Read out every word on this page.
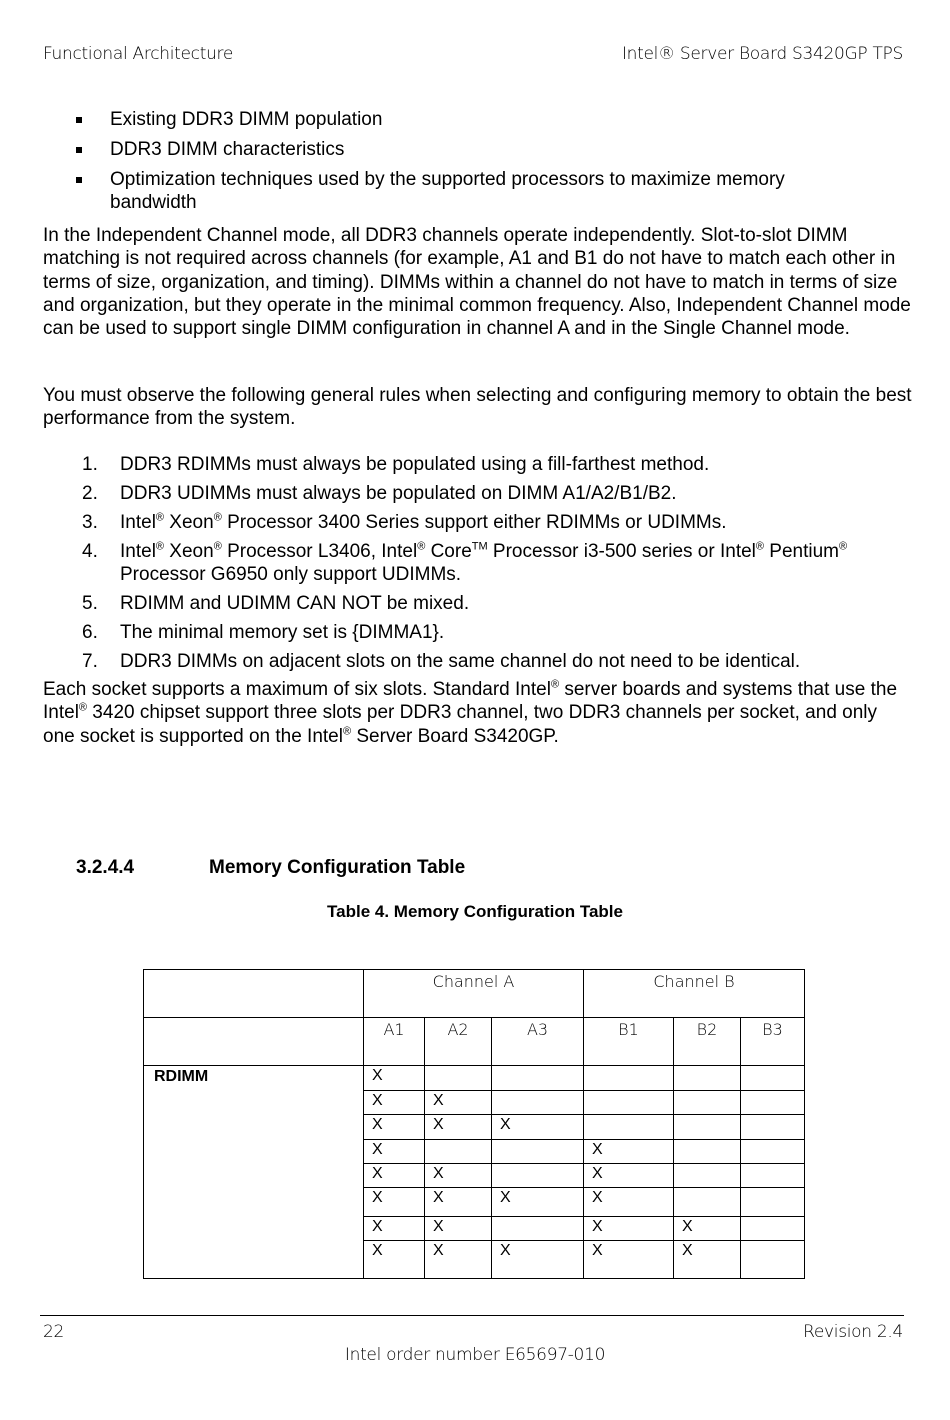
Functional Architecture	Intel® Server Board S3420GP TPS
Existing DDR3 DIMM population
DDR3 DIMM characteristics
Optimization techniques used by the supported processors to maximize memory bandwidth
In the Independent Channel mode, all DDR3 channels operate independently. Slot-to-slot DIMM matching is not required across channels (for example, A1 and B1 do not have to match each other in terms of size, organization, and timing). DIMMs within a channel do not have to match in terms of size and organization, but they operate in the minimal common frequency. Also, Independent Channel mode can be used to support single DIMM configuration in channel A and in the Single Channel mode.
You must observe the following general rules when selecting and configuring memory to obtain the best performance from the system.
1. DDR3 RDIMMs must always be populated using a fill-farthest method.
2. DDR3 UDIMMs must always be populated on DIMM A1/A2/B1/B2.
3. Intel® Xeon® Processor 3400 Series support either RDIMMs or UDIMMs.
4. Intel® Xeon® Processor L3406, Intel® Core™ Processor i3-500 series or Intel® Pentium®
Processor G6950 only support UDIMMs.
5. RDIMM and UDIMM CAN NOT be mixed.
6. The minimal memory set is {DIMMA1}.
7. DDR3 DIMMs on adjacent slots on the same channel do not need to be identical.
Each socket supports a maximum of six slots. Standard Intel® server boards and systems that use the Intel® 3420 chipset support three slots per DDR3 channel, two DDR3 channels per socket, and only one socket is supported on the Intel® Server Board S3420GP.
3.2.4.4	Memory Configuration Table
Table 4. Memory Configuration Table
	Channel A			Channel B		
	A1	A2	A3	B1	B2	B3
RDIMM	X					
	X	X				
	X	X	X			
	X			X		
	X	X		X		
	X	X	X	X		
	X	X		X	X	
	X	X	X	X	X	
22	Revision 2.4
Intel order number E65697-010
